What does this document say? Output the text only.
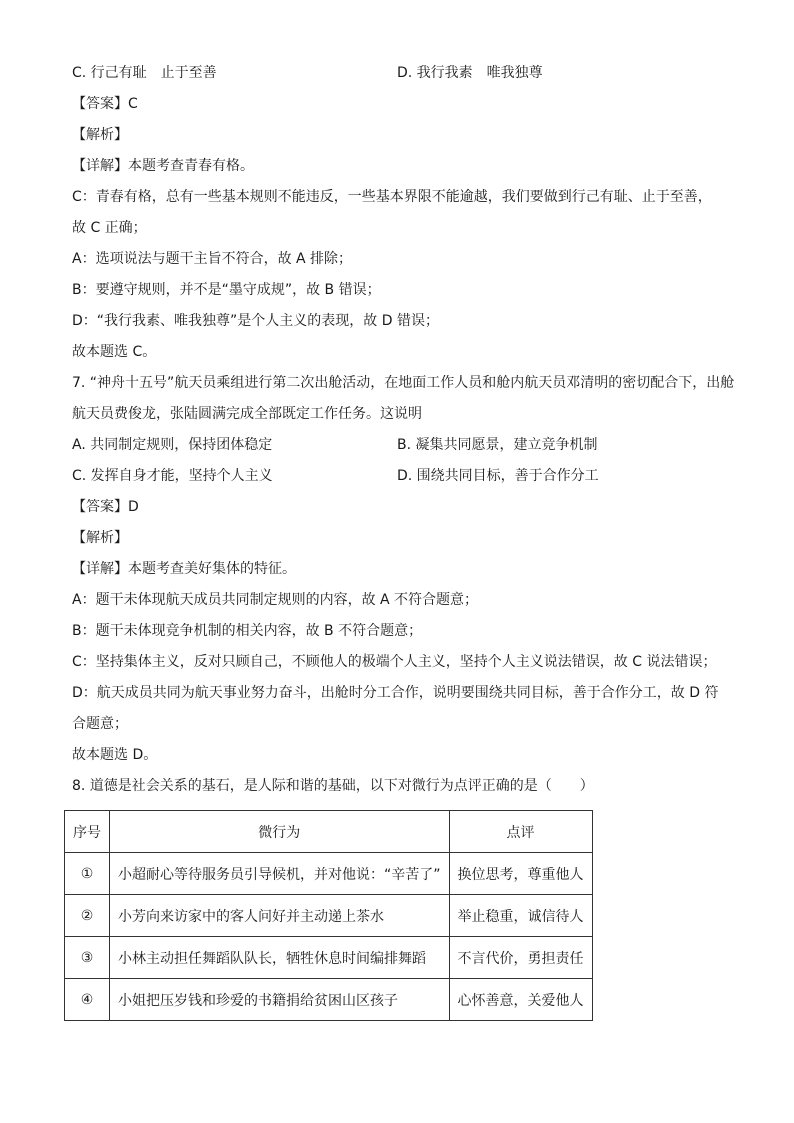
C. 行己有耻　止于至善	D. 我行我素　唯我独尊
【答案】C
【解析】
【详解】本题考查青春有格。
C：青春有格，总有一些基本规则不能违反，一些基本界限不能逾越，我们要做到行己有耻、止于至善，
故 C 正确；
A：选项说法与题干主旨不符合，故 A 排除；
B：要遵守规则，并不是“墨守成规”，故 B 错误；
D：“我行我素、唯我独尊”是个人主义的表现，故 D 错误；
故本题选 C。
7. “神舟十五号”航天员乘组进行第二次出舱活动，在地面工作人员和舱内航天员邓清明的密切配合下，出舱
航天员费俊龙，张陆圆满完成全部既定工作任务。这说明
A. 共同制定规则，保持团体稳定	B. 凝集共同愿景，建立竞争机制
C. 发挥自身才能，坚持个人主义	D. 围绕共同目标，善于合作分工
【答案】D
【解析】
【详解】本题考查美好集体的特征。
A：题干未体现航天成员共同制定规则的内容，故 A 不符合题意；
B：题干未体现竞争机制的相关内容，故 B 不符合题意；
C：坚持集体主义，反对只顾自己，不顾他人的极端个人主义，坚持个人主义说法错误，故 C 说法错误；
D：航天成员共同为航天事业努力奋斗，出舱时分工合作，说明要围绕共同目标，善于合作分工，故 D 符
合题意；
故本题选 D。
8. 道德是社会关系的基石，是人际和谐的基础，以下对微行为点评正确的是（　　）
序号	微行为	点评
①	小超耐心等待服务员引导候机，并对他说：“辛苦了”	换位思考，尊重他人
②	小芳向来访家中的客人问好并主动递上茶水	举止稳重，诚信待人
③	小林主动担任舞蹈队队长，牺牲休息时间编排舞蹈	不言代价，勇担责任
④	小姐把压岁钱和珍爱的书籍捐给贫困山区孩子	心怀善意，关爱他人
